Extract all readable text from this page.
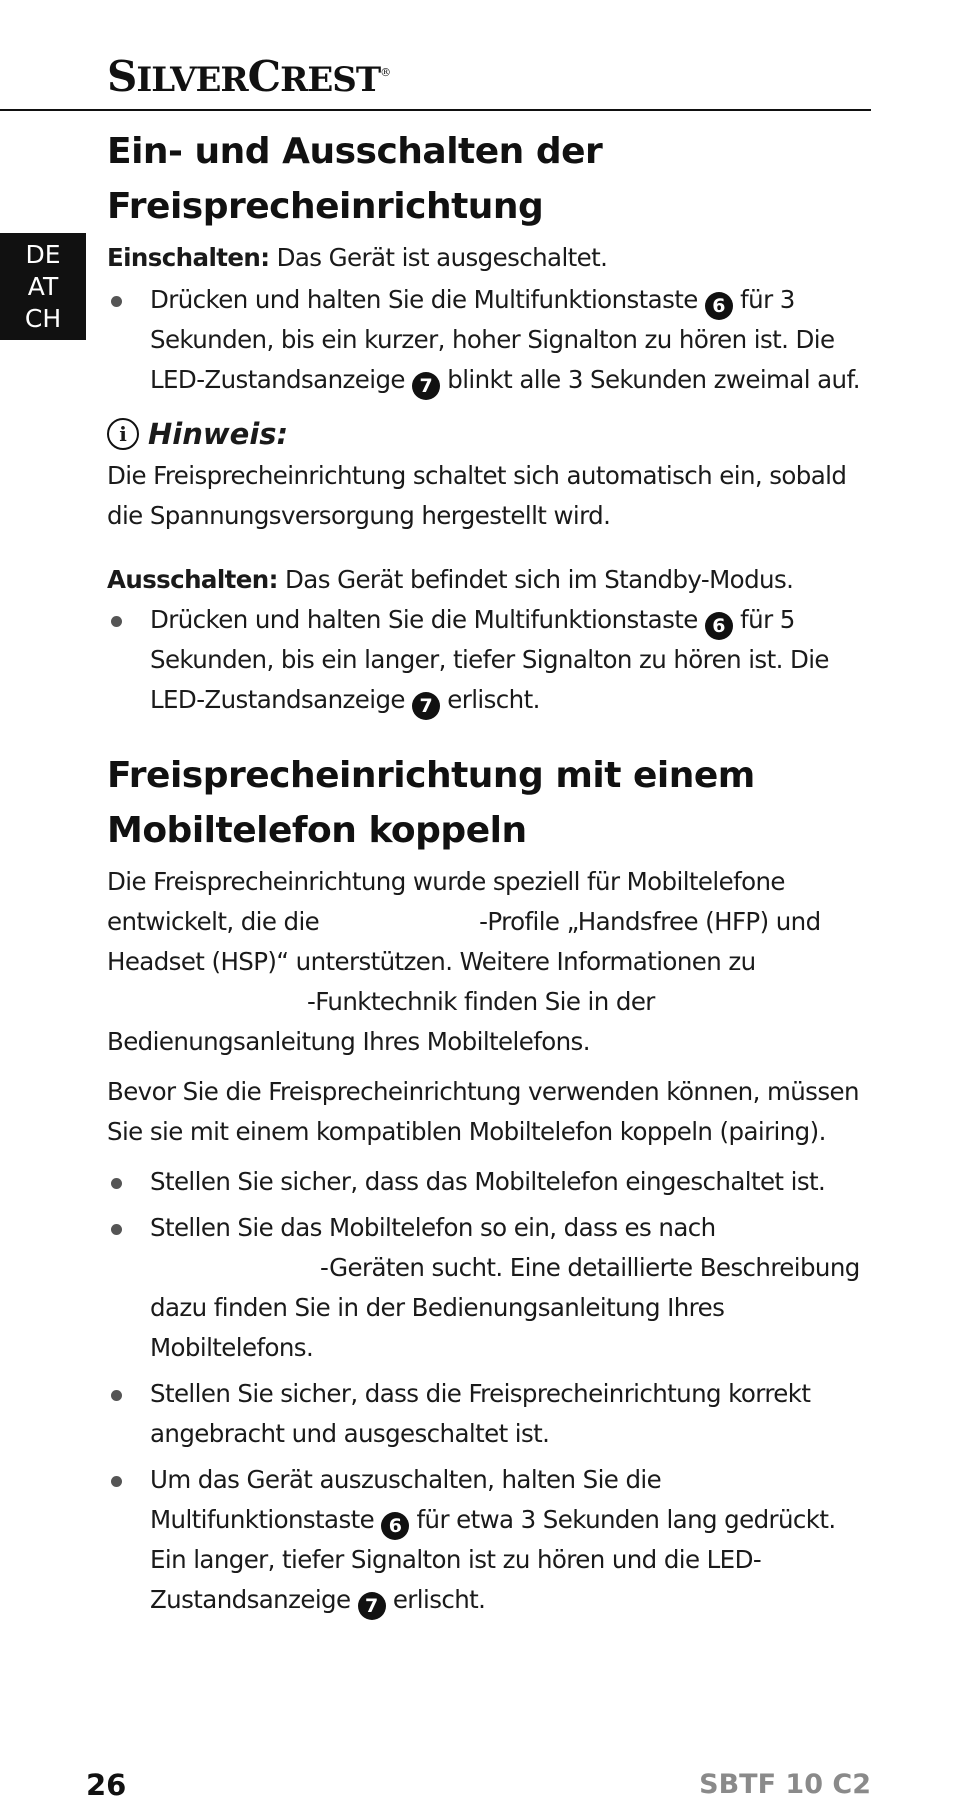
SILVERCREST®
DE
AT
CH
Ein- und Ausschalten der
Freisprecheinrichtung

Einschalten: Das Gerät ist ausgeschaltet.

Drücken und halten Sie die Multifunktionstaste 6 für 3 Sekunden, bis ein kurzer, hoher Signalton zu hören ist. Die LED-Zustandsanzeige 7 blinkt alle 3 Sekunden zweimal auf.
i Hinweis:

Die Freisprecheinrichtung schaltet sich automatisch ein, sobald die Spannungsversorgung hergestellt wird.

Ausschalten: Das Gerät befindet sich im Standby-Modus.

Drücken und halten Sie die Multifunktionstaste 6 für 5 Sekunden, bis ein langer, tiefer Signalton zu hören ist. Die LED-Zustandsanzeige 7 erlischt.
Freisprecheinrichtung mit einem
Mobiltelefon koppeln

Die Freisprecheinrichtung wurde speziell für Mobiltelefone entwickelt, die die	-Profile „Handsfree (HFP) und Headset (HSP)“ unterstützen. Weitere Informationen zu-Funktechnik finden Sie in der Bedienungsanleitung Ihres Mobiltelefons.

Bevor Sie die Freisprecheinrichtung verwenden können, müssen Sie sie mit einem kompatiblen Mobiltelefon koppeln (pairing).

Stellen Sie sicher, dass das Mobiltelefon eingeschaltet ist.
Stellen Sie das Mobiltelefon so ein, dass es nach
-Geräten sucht. Eine detaillierte Beschreibung dazu finden Sie in der Bedienungsanleitung Ihres Mobiltelefons.
Stellen Sie sicher, dass die Freisprecheinrichtung korrekt angebracht und ausgeschaltet ist.
Um das Gerät auszuschalten, halten Sie die Multifunktionstaste 6 für etwa 3 Sekunden lang gedrückt. Ein langer, tiefer Signalton ist zu hören und die LED-Zustandsanzeige 7 erlischt.
26	SBTF 10 C2
